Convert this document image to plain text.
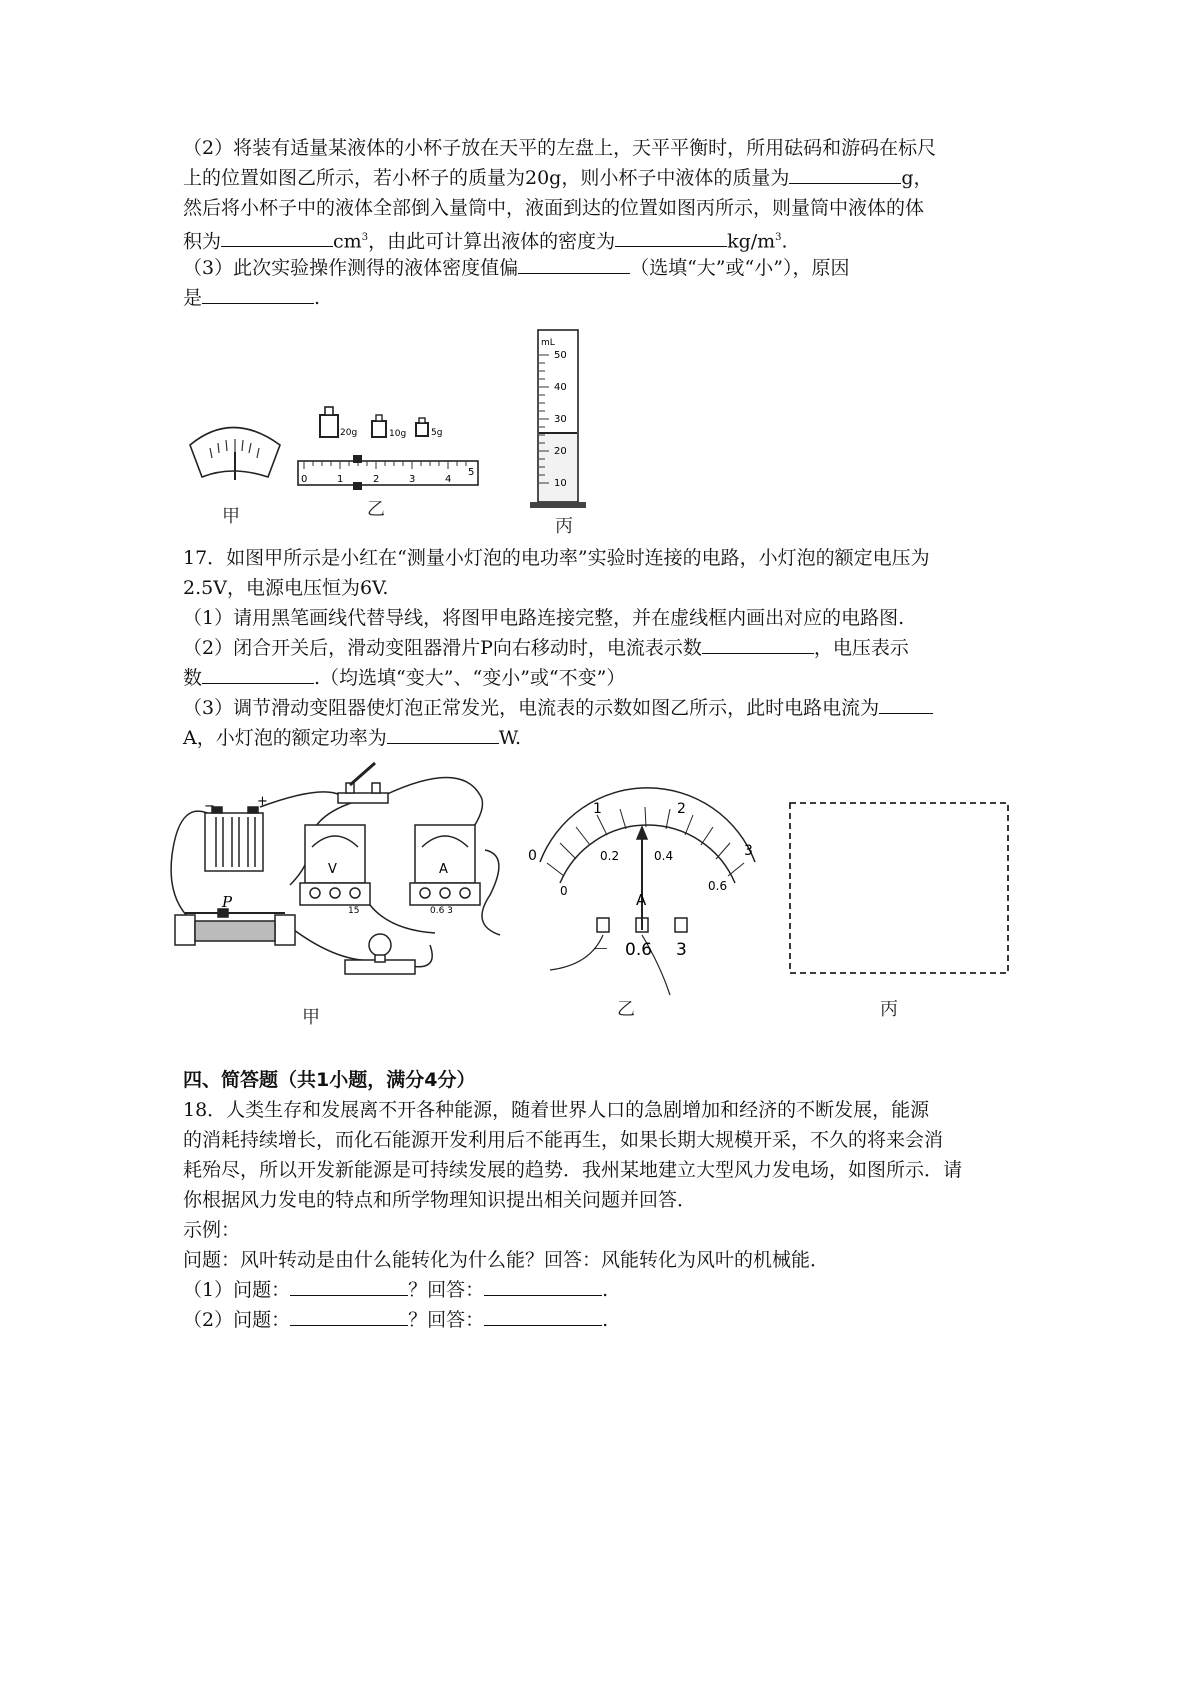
（2）将装有适量某液体的小杯子放在天平的左盘上，天平平衡时，所用砝码和游码在标尺
上的位置如图乙所示，若小杯子的质量为20g，则小杯子中液体的质量为	g，
然后将小杯子中的液体全部倒入量筒中，液面到达的位置如图丙所示，则量筒中液体的体
积为	$cm^3$，由此可计算出液体的密度为	$kg/m^3$.
（3）此次实验操作测得的液体密度值偏	（选填“大”或“小”），原因
是	.
20g	10g	5g
0	1	2	3	4
5
mL
50
40
30
20
10
甲	乙
丙
17．如图甲所示是小红在“测量小灯泡的电功率”实验时连接的电路，小灯泡的额定电压为
2.5V，电源电压恒为6V.
（1）请用黑笔画线代替导线，将图甲电路连接完整，并在虚线框内画出对应的电路图.
（2）闭合开关后，滑动变阻器滑片P向右移动时，电流表示数	，电压表示
数	.（均选填“变大”、“变小”或“不变”）
（3）调节滑动变阻器使灯泡正常发光，电流表的示数如图乙所示，此时电路电流为
A，小灯泡的额定功率为	W.
−	+
V
15
A
0.6 3
P
0
1	2
3
0
0.2	0.4
0.6
A
－ 0.6 3
甲	乙	丙
四、简答题（共1小题，满分4分）
18．人类生存和发展离不开各种能源，随着世界人口的急剧增加和经济的不断发展，能源
的消耗持续增长，而化石能源开发利用后不能再生，如果长期大规模开采，不久的将来会消
耗殆尽，所以开发新能源是可持续发展的趋势．我州某地建立大型风力发电场，如图所示．请
你根据风力发电的特点和所学物理知识提出相关问题并回答．
示例：
问题：风叶转动是由什么能转化为什么能？回答：风能转化为风叶的机械能．
（1）问题：	？回答：	.
（2）问题：	？回答：	.
